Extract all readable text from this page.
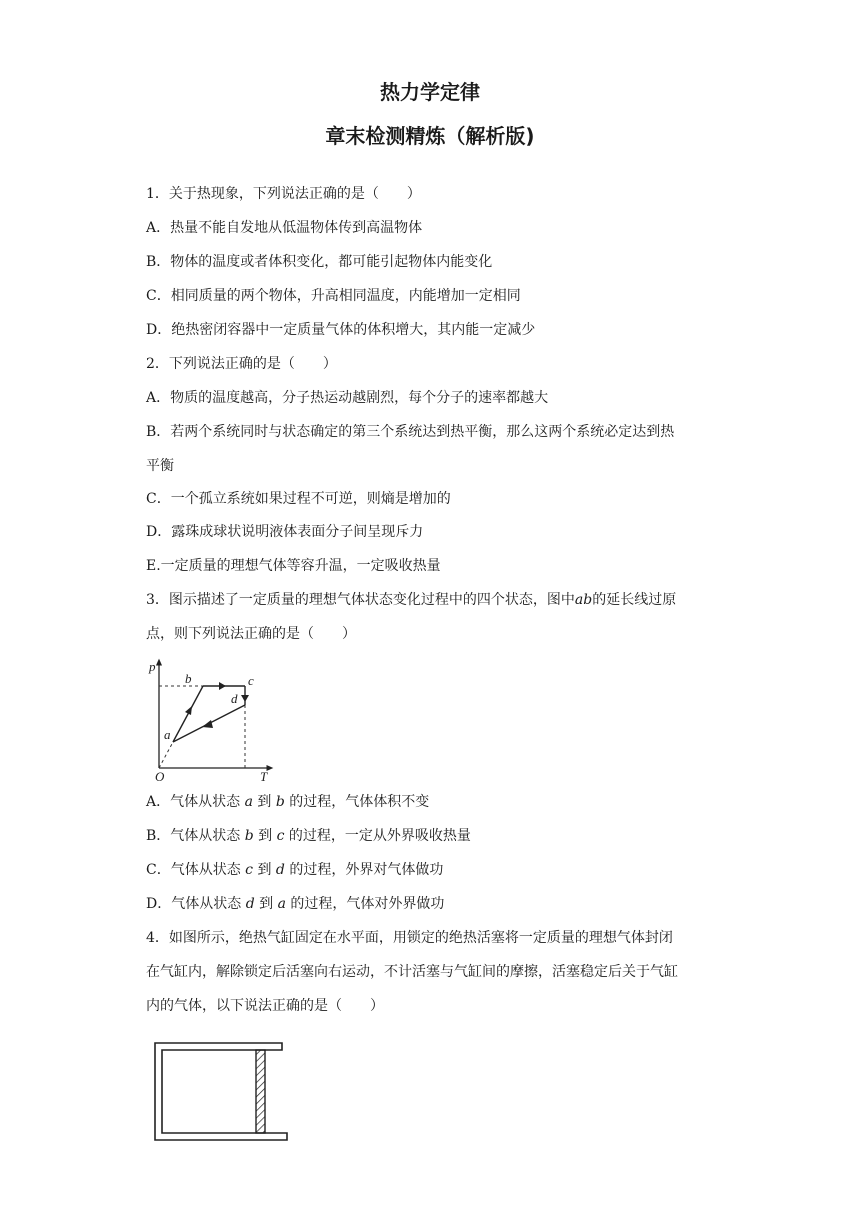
热力学定律
章末检测精炼（解析版)
1．关于热现象，下列说法正确的是（　　）
A．热量不能自发地从低温物体传到高温物体
B．物体的温度或者体积变化，都可能引起物体内能变化
C．相同质量的两个物体，升高相同温度，内能增加一定相同
D．绝热密闭容器中一定质量气体的体积增大，其内能一定减少
2．下列说法正确的是（　　）
A．物质的温度越高，分子热运动越剧烈，每个分子的速率都越大
B．若两个系统同时与状态确定的第三个系统达到热平衡，那么这两个系统必定达到热
平衡
C．一个孤立系统如果过程不可逆，则熵是增加的
D．露珠成球状说明液体表面分子间呈现斥力
E.一定质量的理想气体等容升温，一定吸收热量
3．图示描述了一定质量的理想气体状态变化过程中的四个状态，图中ab的延长线过原
点，则下列说法正确的是（　　）
p
T
O
a
b	c
d
A．气体从状态 a 到 b 的过程，气体体积不变
B．气体从状态 b 到 c 的过程，一定从外界吸收热量
C．气体从状态 c 到 d 的过程，外界对气体做功
D．气体从状态 d 到 a 的过程，气体对外界做功
4．如图所示，绝热气缸固定在水平面，用锁定的绝热活塞将一定质量的理想气体封闭
在气缸内，解除锁定后活塞向右运动，不计活塞与气缸间的摩擦，活塞稳定后关于气缸
内的气体，以下说法正确的是（　　）
